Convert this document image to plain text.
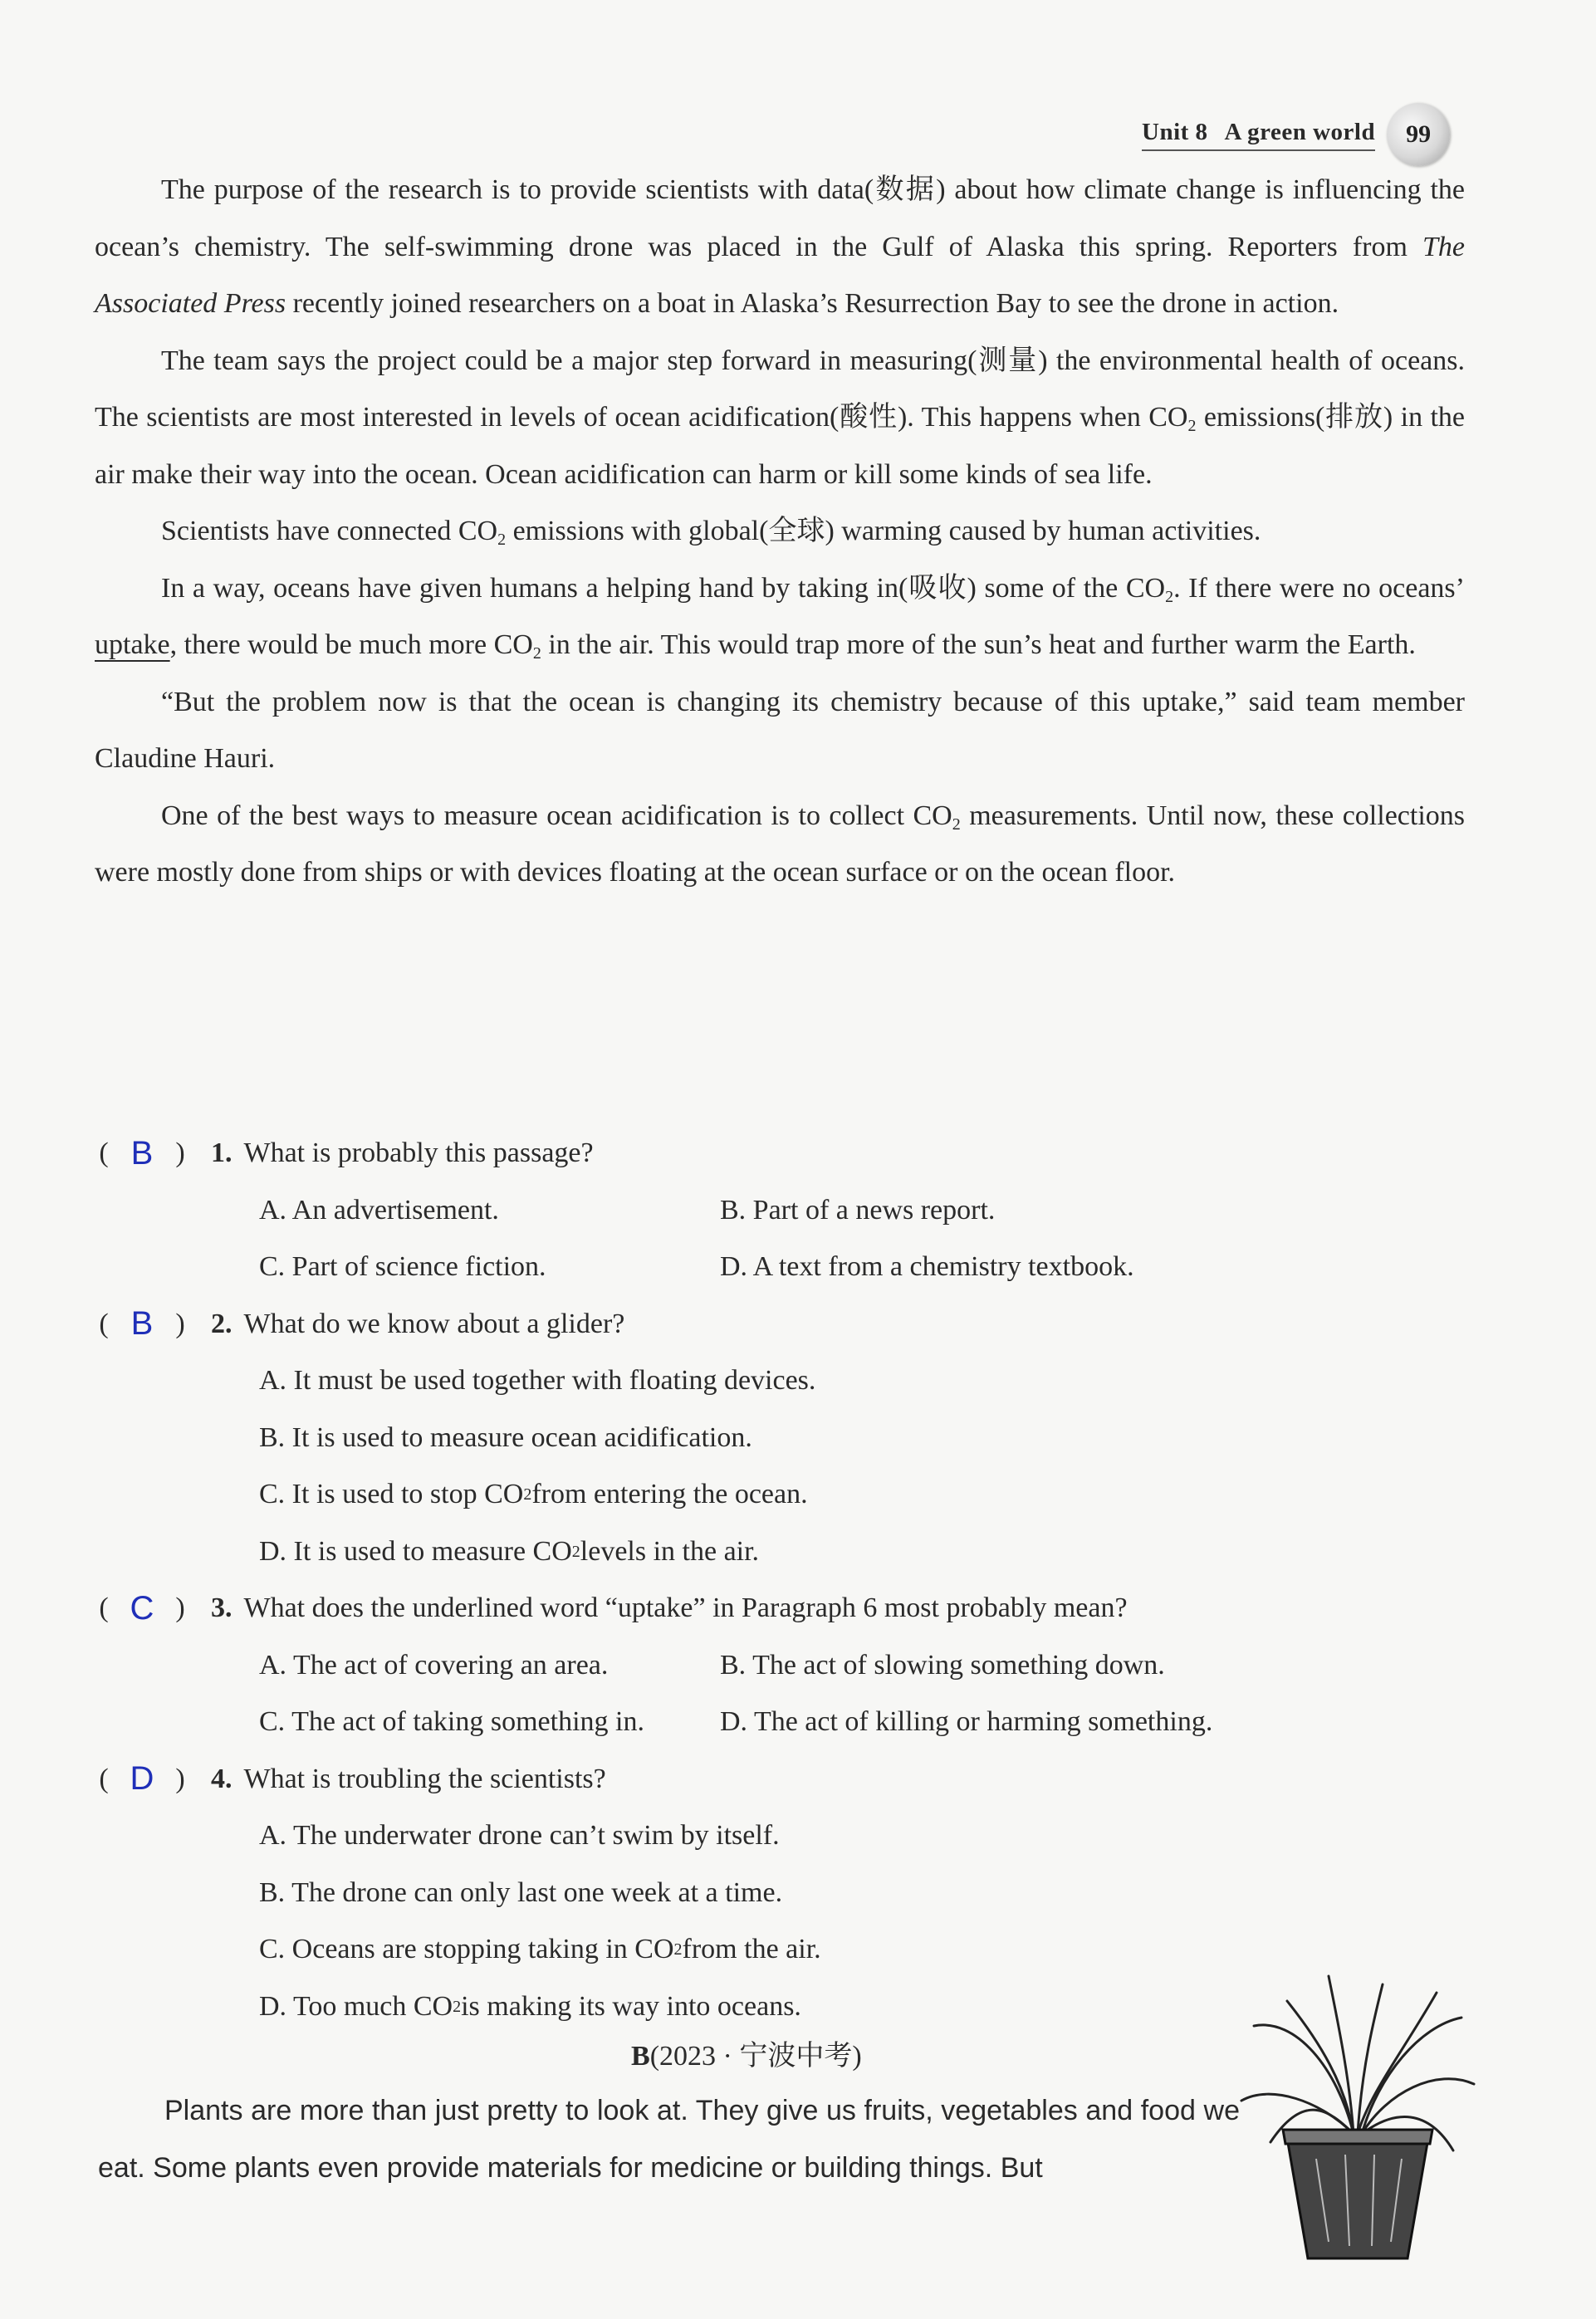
Unit 8 A green world	99

The purpose of the research is to provide scientists with data(数据) about how climate change is influencing the ocean’s chemistry. The self-swimming drone was placed in the Gulf of Alaska this spring. Reporters from The Associated Press recently joined researchers on a boat in Alaska’s Resurrection Bay to see the drone in action.

The team says the project could be a major step forward in measuring(测量) the environmental health of oceans. The scientists are most interested in levels of ocean acidification(酸性). This happens when $CO_2$ emissions(排放) in the air make their way into the ocean. Ocean acidification can harm or kill some kinds of sea life.

Scientists have connected $CO_2$ emissions with global(全球) warming caused by human activities.

In a way, oceans have given humans a helping hand by taking in(吸收) some of the $CO_2$. If there were no oceans’ uptake, there would be much more $CO_2$ in the air. This would trap more of the sun’s heat and further warm the Earth.

“But the problem now is that the ocean is changing its chemistry because of this uptake,” said team member Claudine Hauri.

One of the best ways to measure ocean acidification is to collect $CO_2$ measurements. Until now, these collections were mostly done from ships or with devices floating at the ocean surface or on the ocean floor.

( B ) 1. What is probably this passage?
A. An advertisement.	B. Part of a news report.
C. Part of science fiction.	D. A text from a chemistry textbook.
( B ) 2. What do we know about a glider?
A. It must be used together with floating devices.
B. It is used to measure ocean acidification.
C. It is used to stop CO 2 from entering the ocean.
D. It is used to measure CO 2 levels in the air.
( C ) 3. What does the underlined word “uptake” in Paragraph 6 most probably mean?
A. The act of covering an area.	B. The act of slowing something down.
C. The act of taking something in.	D. The act of killing or harming something.
( D ) 4. What is troubling the scientists?
A. The underwater drone can’t swim by itself.
B. The drone can only last one week at a time.
C. Oceans are stopping taking in CO 2 from the air.
D. Too much CO 2 is making its way into oceans.
B(2023 · 宁波中考)

Plants are more than just pretty to look at. They give us fruits, vegetables and food we eat. Some plants even provide materials for medicine or building things. But
